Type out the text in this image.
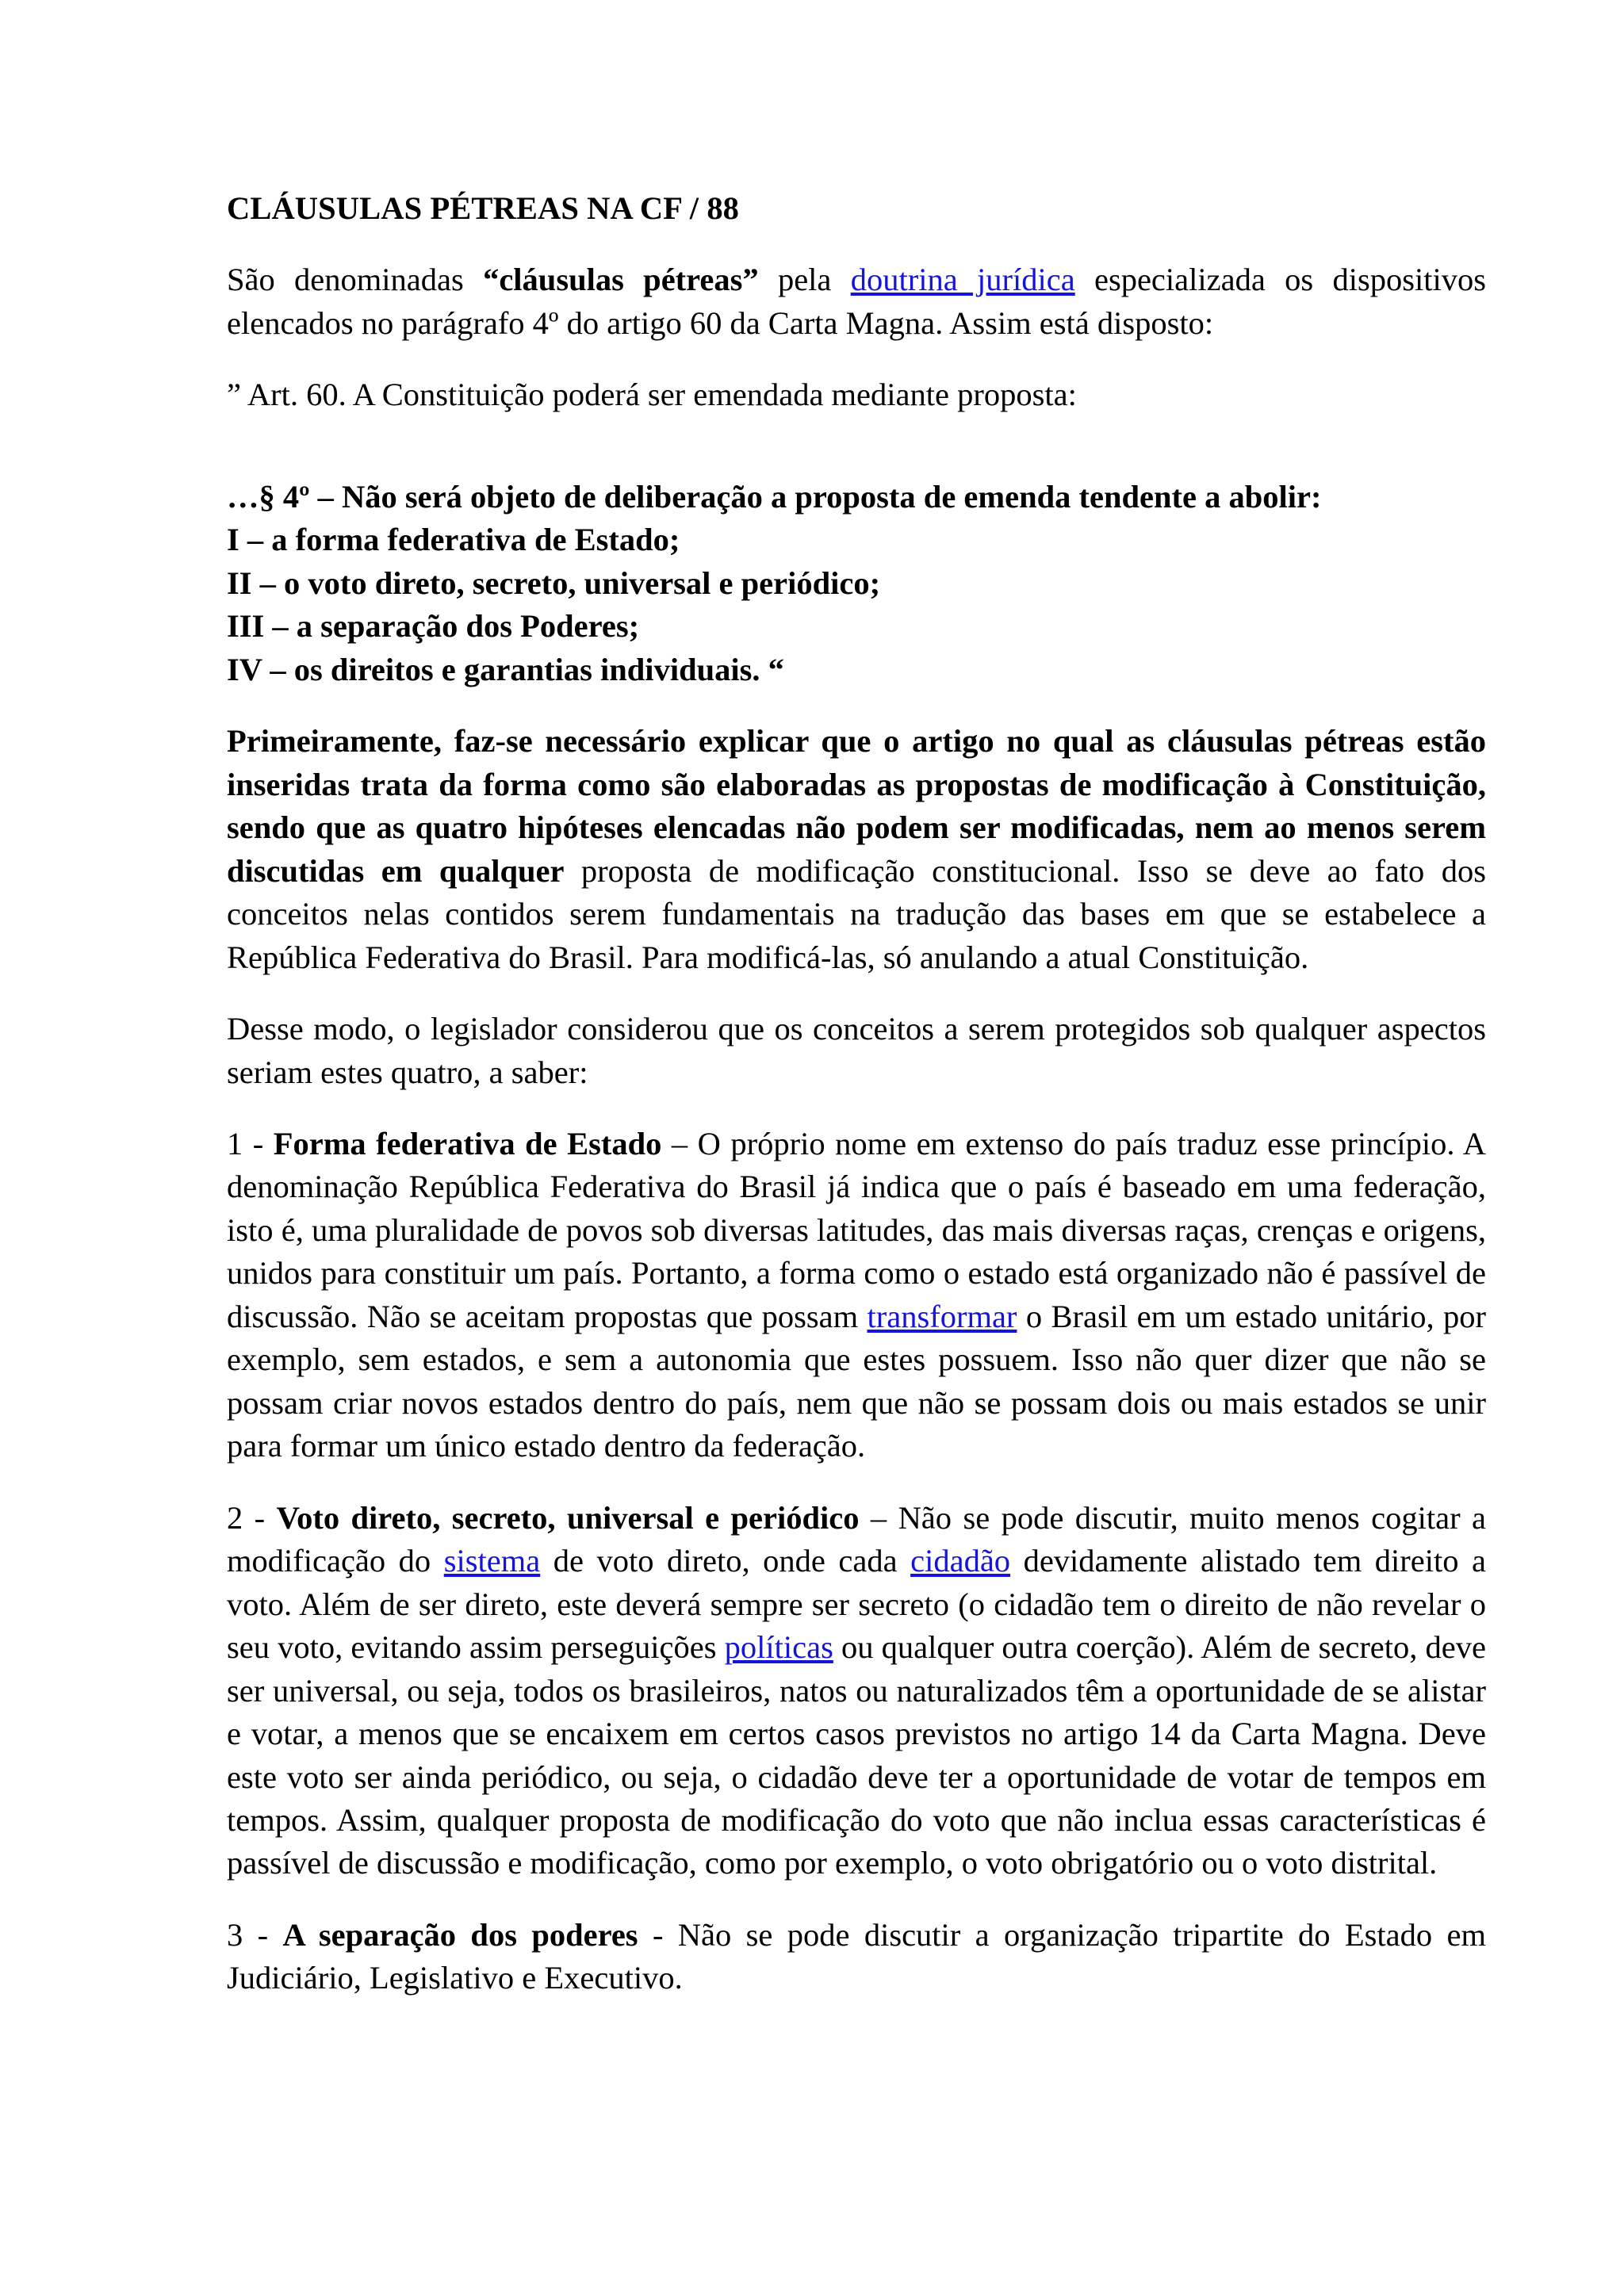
CLÁUSULAS PÉTREAS NA CF / 88

São denominadas “cláusulas pétreas” pela doutrina jurídica especializada os dispositivos elencados no parágrafo 4º do artigo 60 da Carta Magna. Assim está disposto:

” Art. 60. A Constituição poderá ser emendada mediante proposta:

…§ 4º – Não será objeto de deliberação a proposta de emenda tendente a abolir:

I – a forma federativa de Estado;

II – o voto direto, secreto, universal e periódico;

III – a separação dos Poderes;

IV – os direitos e garantias individuais. “

Primeiramente, faz-se necessário explicar que o artigo no qual as cláusulas pétreas estão inseridas trata da forma como são elaboradas as propostas de modificação à Constituição, sendo que as quatro hipóteses elencadas não podem ser modificadas, nem ao menos serem discutidas em qualquer proposta de modificação constitucional. Isso se deve ao fato dos conceitos nelas contidos serem fundamentais na tradução das bases em que se estabelece a República Federativa do Brasil. Para modificá-las, só anulando a atual Constituição.

Desse modo, o legislador considerou que os conceitos a serem protegidos sob qualquer aspectos seriam estes quatro, a saber:

1 - Forma federativa de Estado – O próprio nome em extenso do país traduz esse princípio. A denominação República Federativa do Brasil já indica que o país é baseado em uma federação, isto é, uma pluralidade de povos sob diversas latitudes, das mais diversas raças, crenças e origens, unidos para constituir um país. Portanto, a forma como o estado está organizado não é passível de discussão. Não se aceitam propostas que possam transformar o Brasil em um estado unitário, por exemplo, sem estados, e sem a autonomia que estes possuem. Isso não quer dizer que não se possam criar novos estados dentro do país, nem que não se possam dois ou mais estados se unir para formar um único estado dentro da federação.

2 - Voto direto, secreto, universal e periódico – Não se pode discutir, muito menos cogitar a modificação do sistema de voto direto, onde cada cidadão devidamente alistado tem direito a voto. Além de ser direto, este deverá sempre ser secreto (o cidadão tem o direito de não revelar o seu voto, evitando assim perseguições políticas ou qualquer outra coerção). Além de secreto, deve ser universal, ou seja, todos os brasileiros, natos ou naturalizados têm a oportunidade de se alistar e votar, a menos que se encaixem em certos casos previstos no artigo 14 da Carta Magna. Deve este voto ser ainda periódico, ou seja, o cidadão deve ter a oportunidade de votar de tempos em tempos. Assim, qualquer proposta de modificação do voto que não inclua essas características é passível de discussão e modificação, como por exemplo, o voto obrigatório ou o voto distrital.

3 - A separação dos poderes - Não se pode discutir a organização tripartite do Estado em Judiciário, Legislativo e Executivo.
